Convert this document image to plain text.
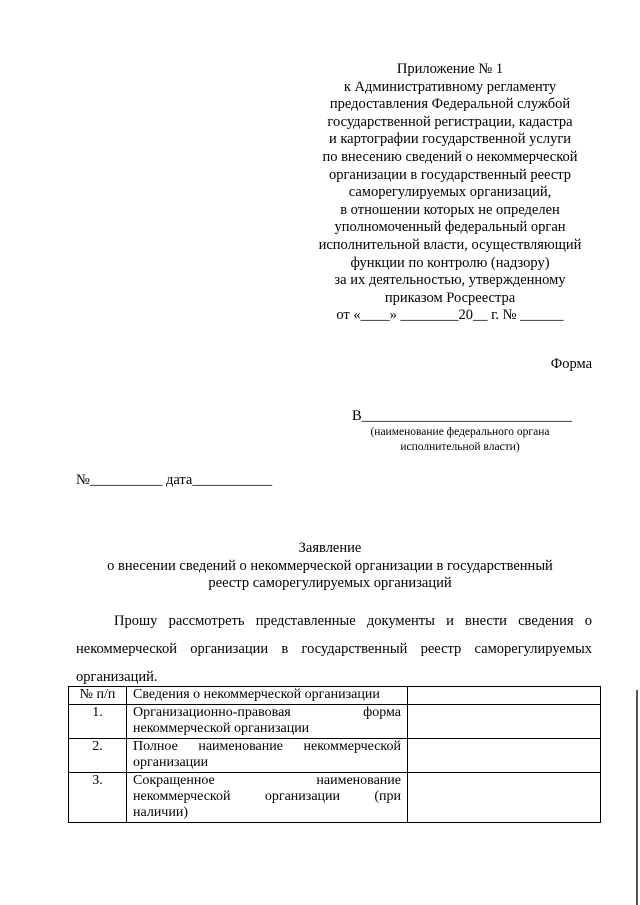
Приложение № 1
к Административному регламенту
предоставления Федеральной службой
государственной регистрации, кадастра
и картографии государственной услуги
по внесению сведений о некоммерческой
организации в государственный реестр
саморегулируемых организаций,
в отношении которых не определен
уполномоченный федеральный орган
исполнительной власти, осуществляющий
функции по контролю (надзору)
за их деятельностью, утвержденному
приказом Росреестра
от «____» ________20__ г. № ______
Форма
В_____________________________
(наименование федерального органа
исполнительной власти)
№__________ дата___________
Заявление
о внесении сведений о некоммерческой организации в государственный
реестр саморегулируемых организаций
Прошу рассмотреть представленные документы и внести сведения о некоммерческой организации в государственный реестр саморегулируемых организаций.
№ п/п	Сведения о некоммерческой организации	
1.	Организационно-правовая форма
некоммерческой организации	

2.	Полное наименование некоммерческой
организации	

3.	Сокращенное наименование
некоммерческой организации (при
наличии)	
